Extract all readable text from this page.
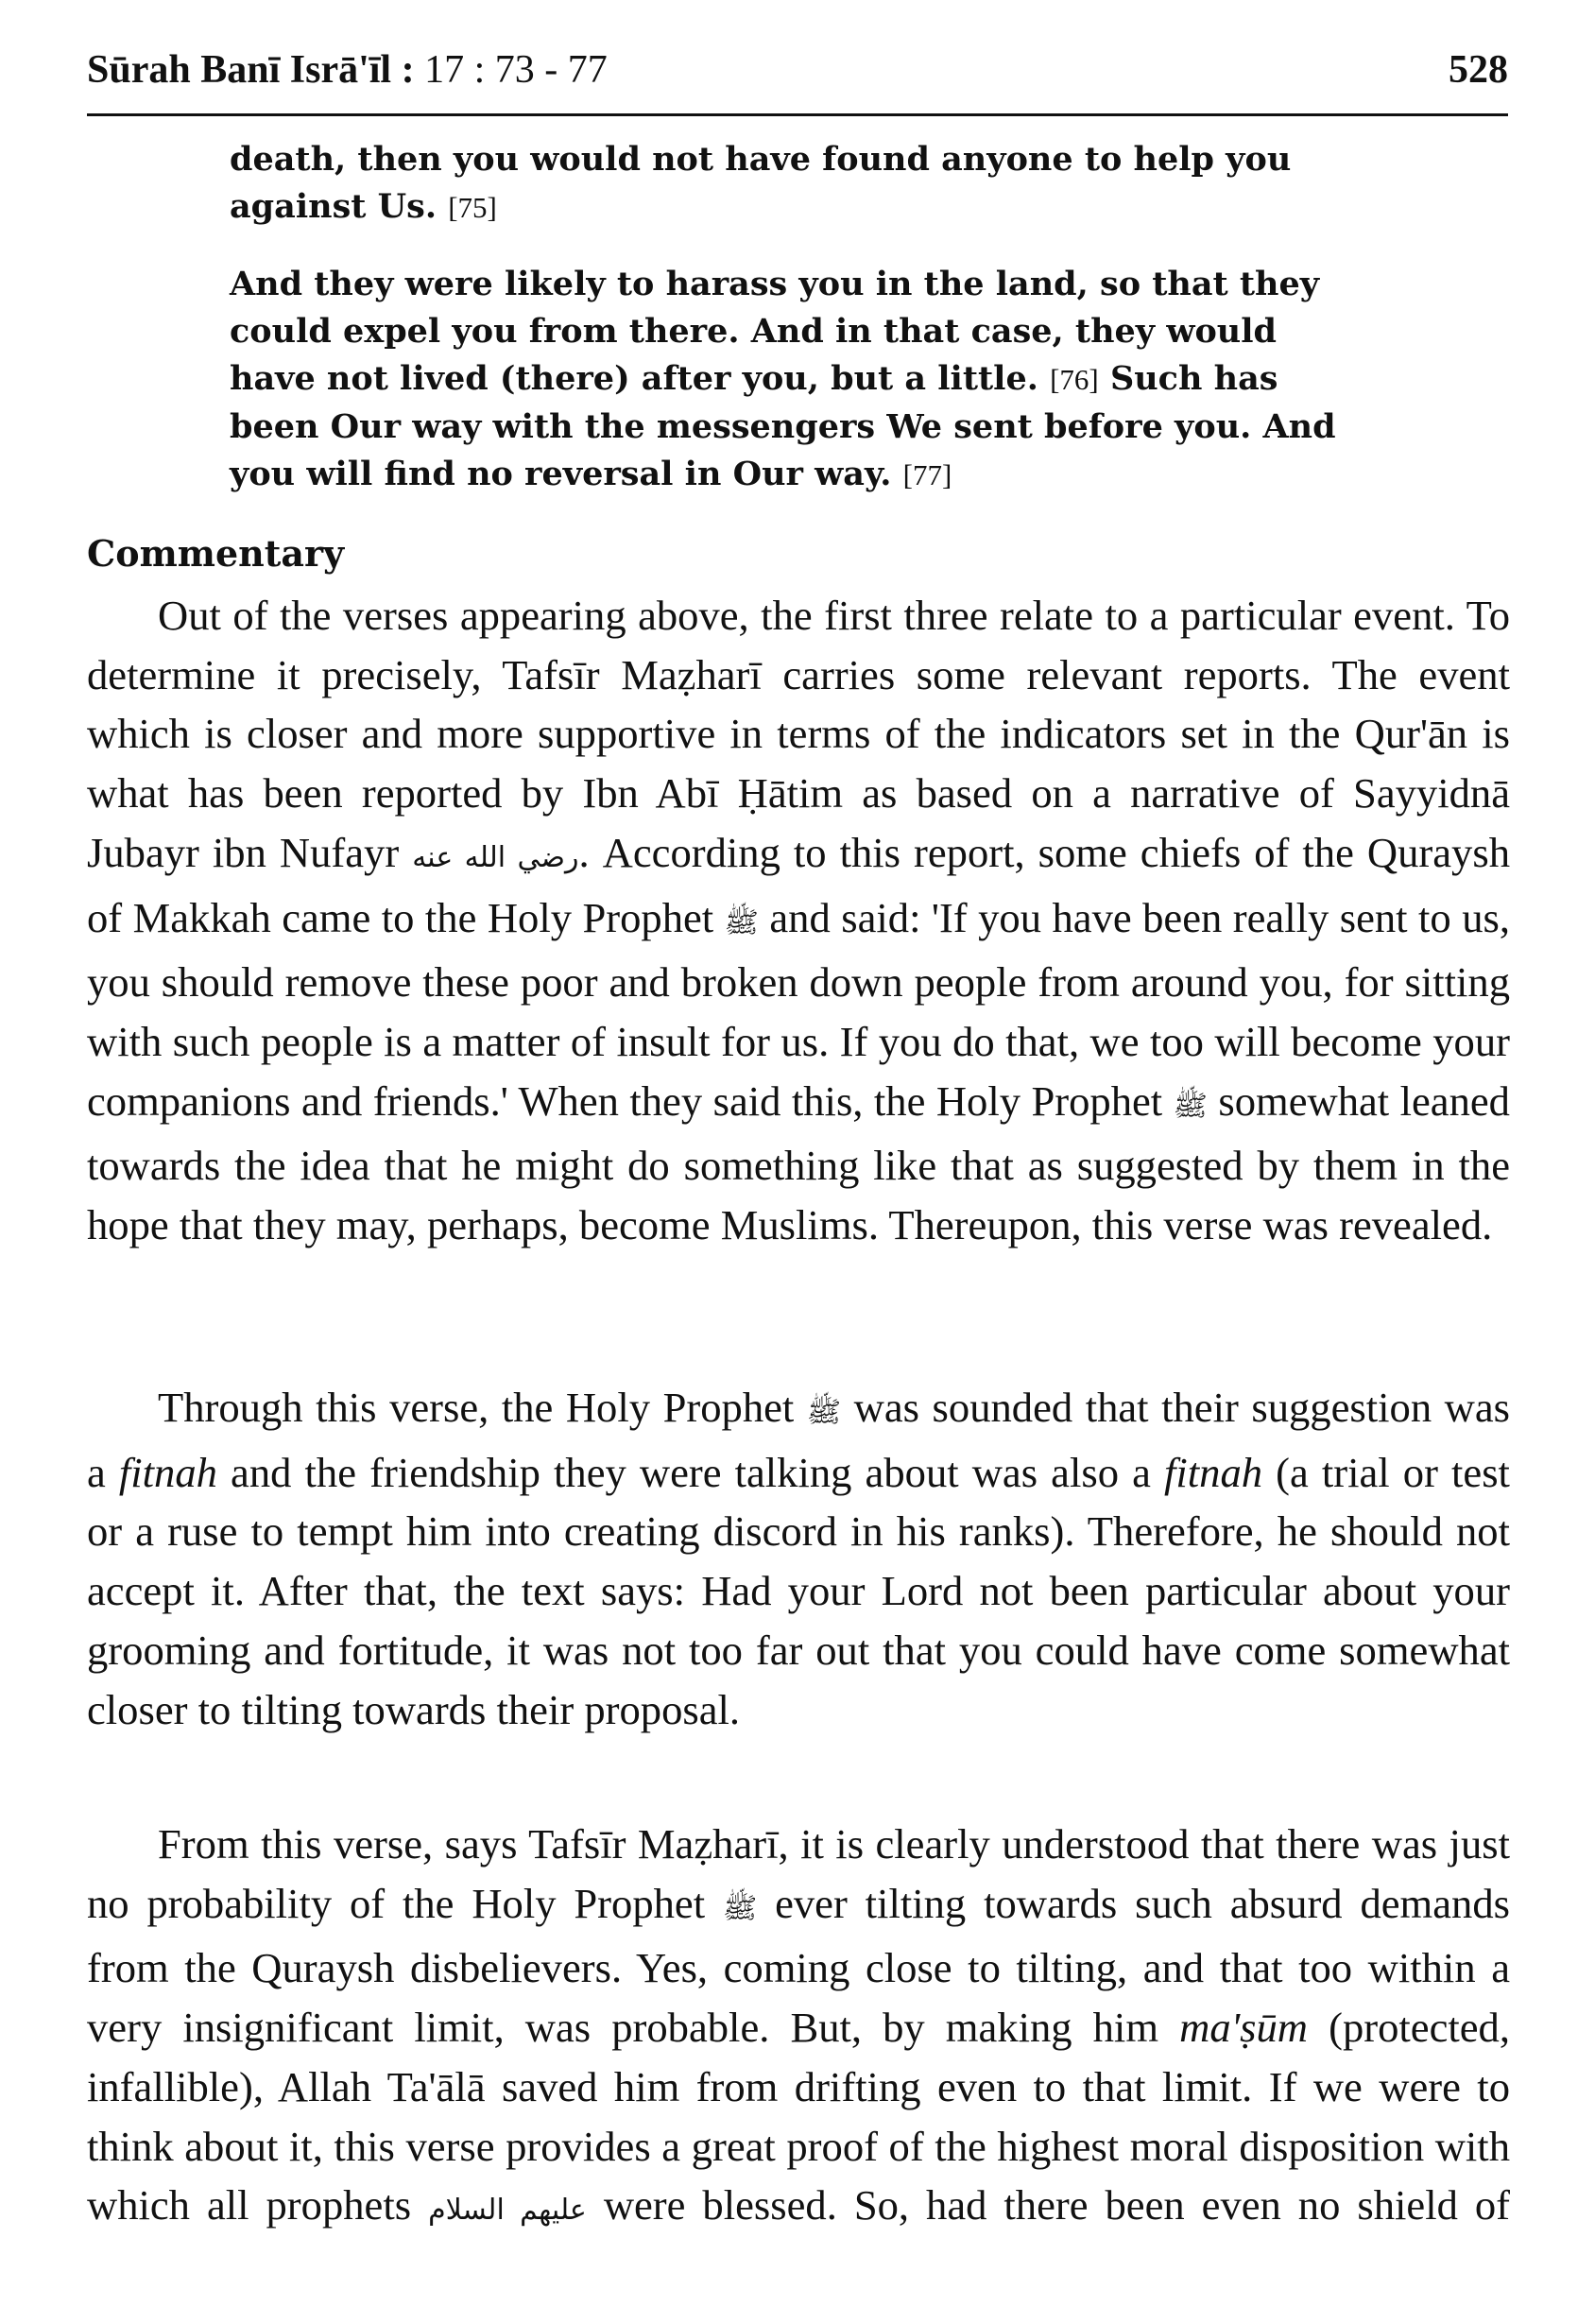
Sūrah Banī Isrā'īl : 17 : 73 - 77	528

death, then you would not have found anyone to help you against Us. [75]

And they were likely to harass you in the land, so that they could expel you from there. And in that case, they would have not lived (there) after you, but a little. [76] Such has been Our way with the messengers We sent before you. And you will find no reversal in Our way. [77]

Commentary

Out of the verses appearing above, the first three relate to a particular event. To determine it precisely, Tafsīr Maẓharī carries some relevant reports. The event which is closer and more supportive in terms of the indicators set in the Qur'ān is what has been reported by Ibn Abī Ḥātim as based on a narrative of Sayyidnā Jubayr ibn Nufayr رضي الله عنه. According to this report, some chiefs of the Quraysh of Makkah came to the Holy Prophet ﷺ and said: 'If you have been really sent to us, you should remove these poor and broken down people from around you, for sitting with such people is a matter of insult for us. If you do that, we too will become your companions and friends.' When they said this, the Holy Prophet ﷺ somewhat leaned towards the idea that he might do something like that as suggested by them in the hope that they may, perhaps, become Muslims. Thereupon, this verse was revealed.

Through this verse, the Holy Prophet ﷺ was sounded that their suggestion was a fitnah and the friendship they were talking about was also a fitnah (a trial or test or a ruse to tempt him into creating discord in his ranks). Therefore, he should not accept it. After that, the text says: Had your Lord not been particular about your grooming and fortitude, it was not too far out that you could have come somewhat closer to tilting towards their proposal.

From this verse, says Tafsīr Maẓharī, it is clearly understood that there was just no probability of the Holy Prophet ﷺ ever tilting towards such absurd demands from the Quraysh disbelievers. Yes, coming close to tilting, and that too within a very insignificant limit, was probable. But, by making him ma'ṣūm (protected, infallible), Allah Ta'ālā saved him from drifting even to that limit. If we were to think about it, this verse provides a great proof of the highest moral disposition with which all prophets عليهم السلام were blessed. So, had there been even no shield of
